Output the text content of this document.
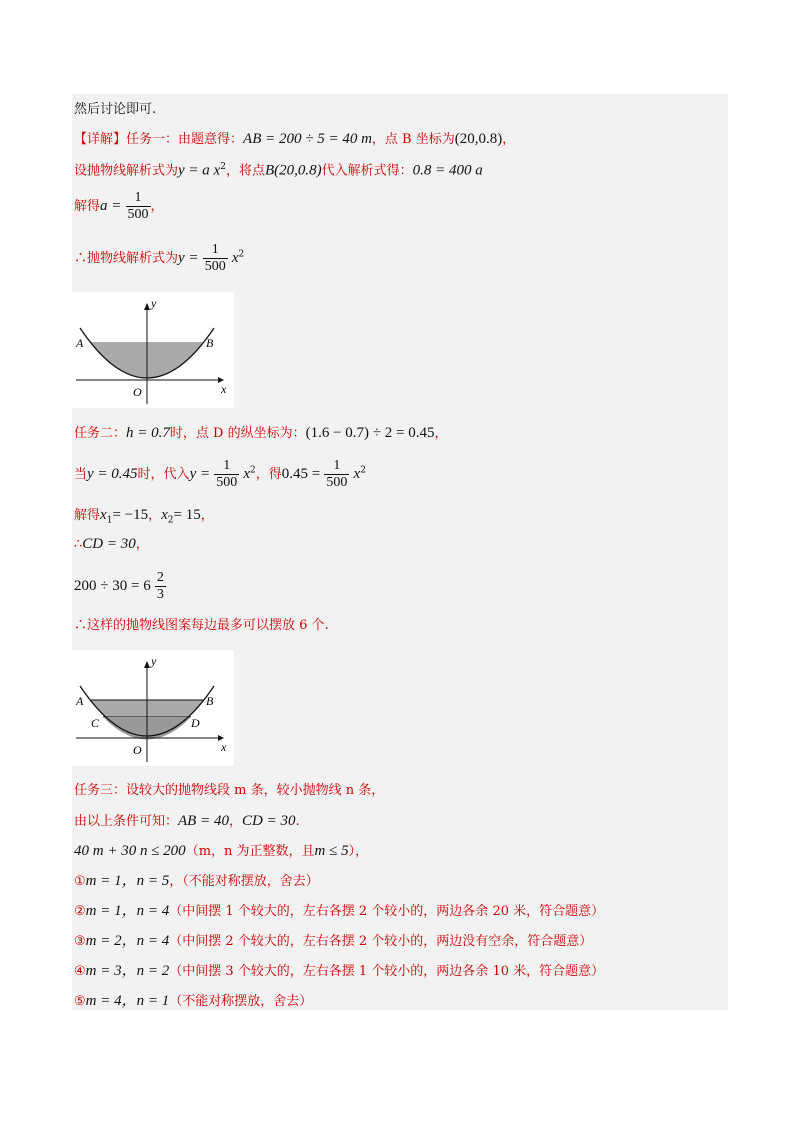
然后讨论即可.
【详解】任务一：由题意得：AB = 200 ÷ 5 = 40 m，点 B 坐标为(20,0.8)，
设抛物线解析式为y = a $x^2$，将点B(20,0.8)代入解析式得：0.8 = 400 a
解得$a = \frac{1}{500}$ ，
∴抛物线解析式为$y = \frac{1}{500} x^2$
y
x
A	B
O
任务二：h = 0.7时，点 D 的纵坐标为：(1.6 − 0.7) ÷ 2 = 0.45，
当y = 0.45时，代入$y = \frac{1}{500} x^2$，得$0.45 = \frac{1}{500} x^2$
解得$x_1= -15$，$x_2= 15$，
∴CD = 30，
$200 \div 30 = 6 \frac{2}{3}$
∴这样的抛物线图案每边最多可以摆放 6 个.
y
x
A	B
C	D
O
任务三：设较大的抛物线段 m 条，较小抛物线 n 条，
由以上条件可知：AB = 40，CD = 30.
40 m + 30 n ≤ 200（m，n 为正整数，且m ≤ 5），
①m = 1，n = 5，（不能对称摆放，舍去）
②m = 1，n = 4（中间摆 1 个较大的，左右各摆 2 个较小的，两边各余 20 米，符合题意）
③m = 2，n = 4（中间摆 2 个较大的，左右各摆 2 个较小的，两边没有空余，符合题意）
④m = 3，n = 2（中间摆 3 个较大的，左右各摆 1 个较小的，两边各余 10 米，符合题意）
⑤m = 4，n = 1（不能对称摆放，舍去）
